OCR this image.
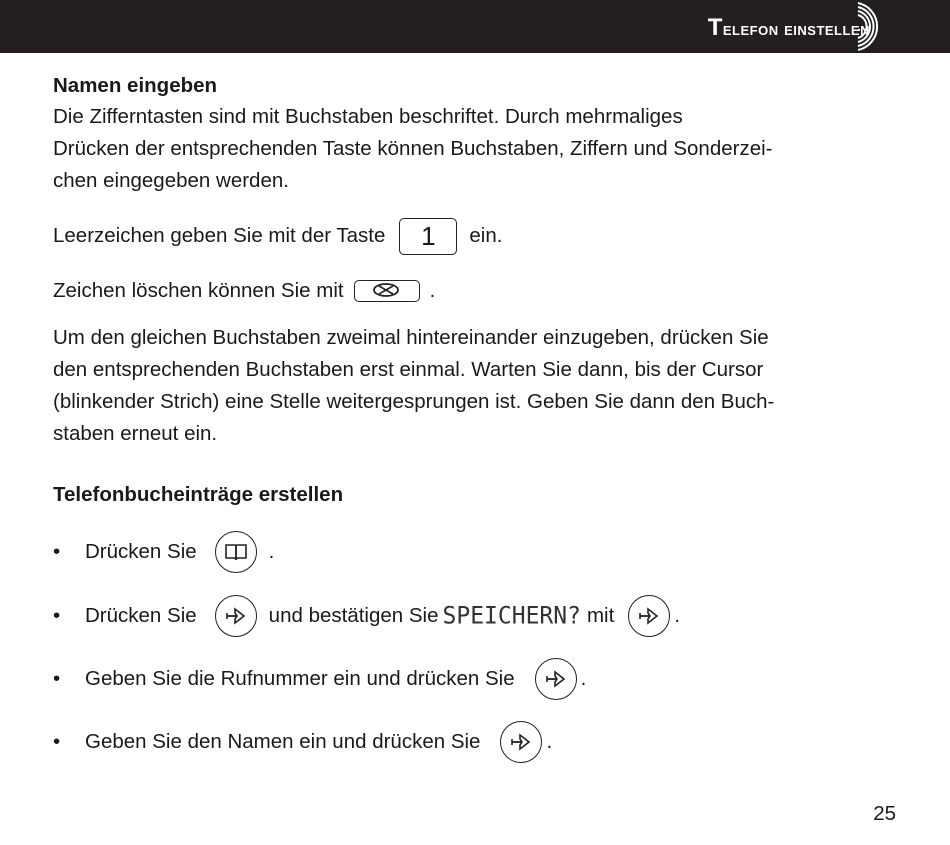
Telefon einstellen
Namen eingeben
Die Zifferntasten sind mit Buchstaben beschriftet. Durch mehrmaliges
Drücken der entsprechenden Taste können Buchstaben, Ziffern und Sonderzei-
chen eingegeben werden.
Leerzeichen geben Sie mit der Taste	1	ein.
Zeichen löschen können Sie mit	.
Um den gleichen Buchstaben zweimal hintereinander einzugeben, drücken Sie
den entsprechenden Buchstaben erst einmal. Warten Sie dann, bis der Cursor
(blinkender Strich) eine Stelle weitergesprungen ist. Geben Sie dann den Buch-
staben erneut ein.
Telefonbucheinträge erstellen
•	Drücken Sie	.
•	Drücken Sie	und bestätigen Sie SPEICHERN? mit	.
•	Geben Sie die Rufnummer ein und drücken Sie	.
•	Geben Sie den Namen ein und drücken Sie	.
25
